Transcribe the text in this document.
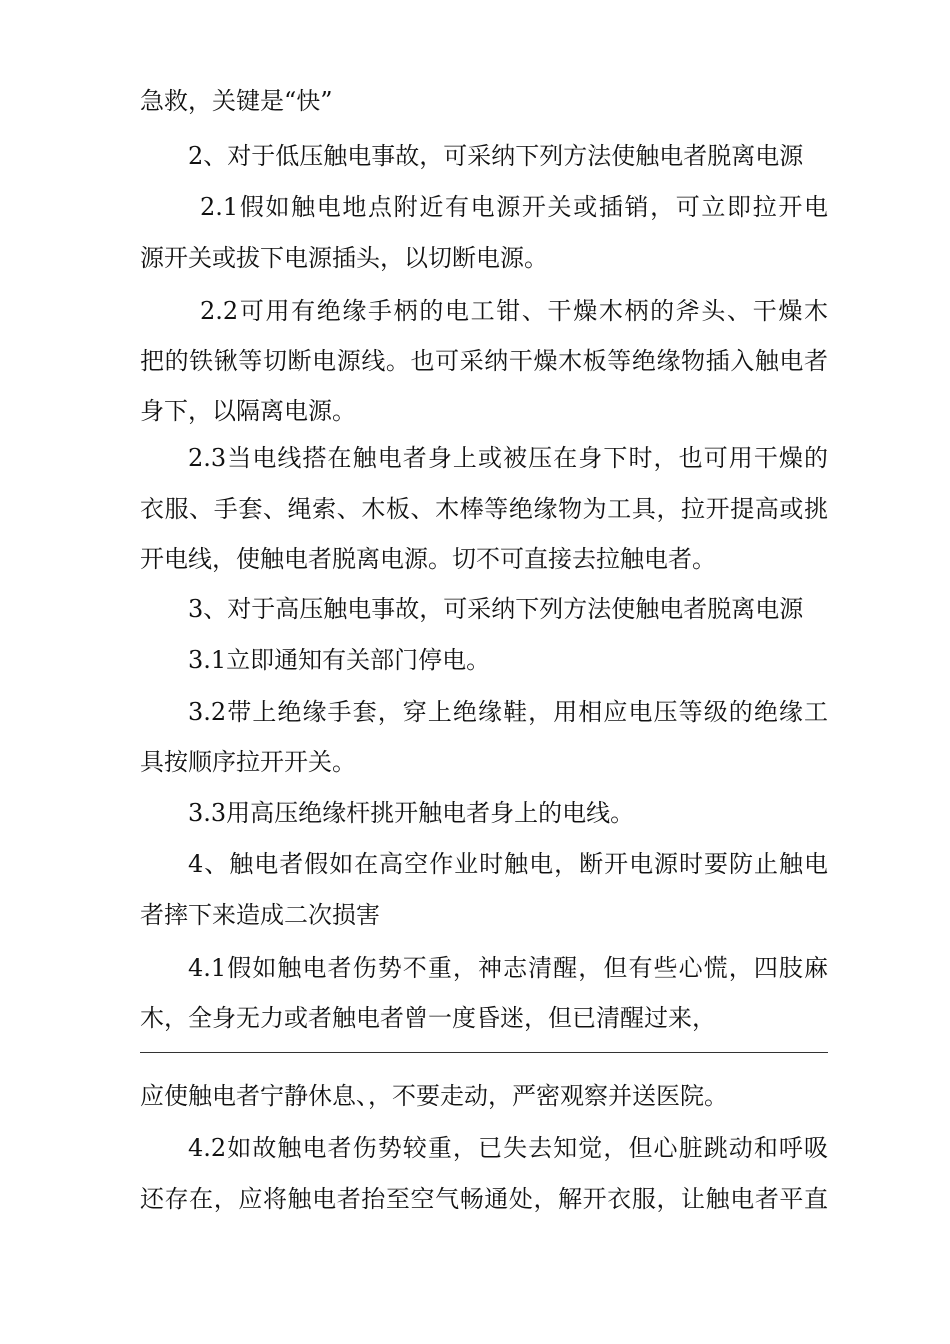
急救，关键是“快”
2、对于低压触电事故，可采纳下列方法使触电者脱离电源
2.1假如触电地点附近有电源开关或插销，可立即拉开电
源开关或拔下电源插头，以切断电源。
2.2可用有绝缘手柄的电工钳、干燥木柄的斧头、干燥木
把的铁锹等切断电源线。也可采纳干燥木板等绝缘物插入触电者
身下，以隔离电源。
2.3当电线搭在触电者身上或被压在身下时，也可用干燥的
衣服、手套、绳索、木板、木棒等绝缘物为工具，拉开提高或挑
开电线，使触电者脱离电源。切不可直接去拉触电者。
3、对于高压触电事故，可采纳下列方法使触电者脱离电源
3.1立即通知有关部门停电。
3.2带上绝缘手套，穿上绝缘鞋，用相应电压等级的绝缘工
具按顺序拉开开关。
3.3用高压绝缘杆挑开触电者身上的电线。
4、触电者假如在高空作业时触电，断开电源时要防止触电
者摔下来造成二次损害
4.1假如触电者伤势不重，神志清醒，但有些心慌，四肢麻
木，全身无力或者触电者曾一度昏迷，但已清醒过来，
应使触电者宁静休息、，不要走动，严密观察并送医院。
4.2如故触电者伤势较重，已失去知觉，但心脏跳动和呼吸
还存在，应将触电者抬至空气畅通处，解开衣服，让触电者平直
